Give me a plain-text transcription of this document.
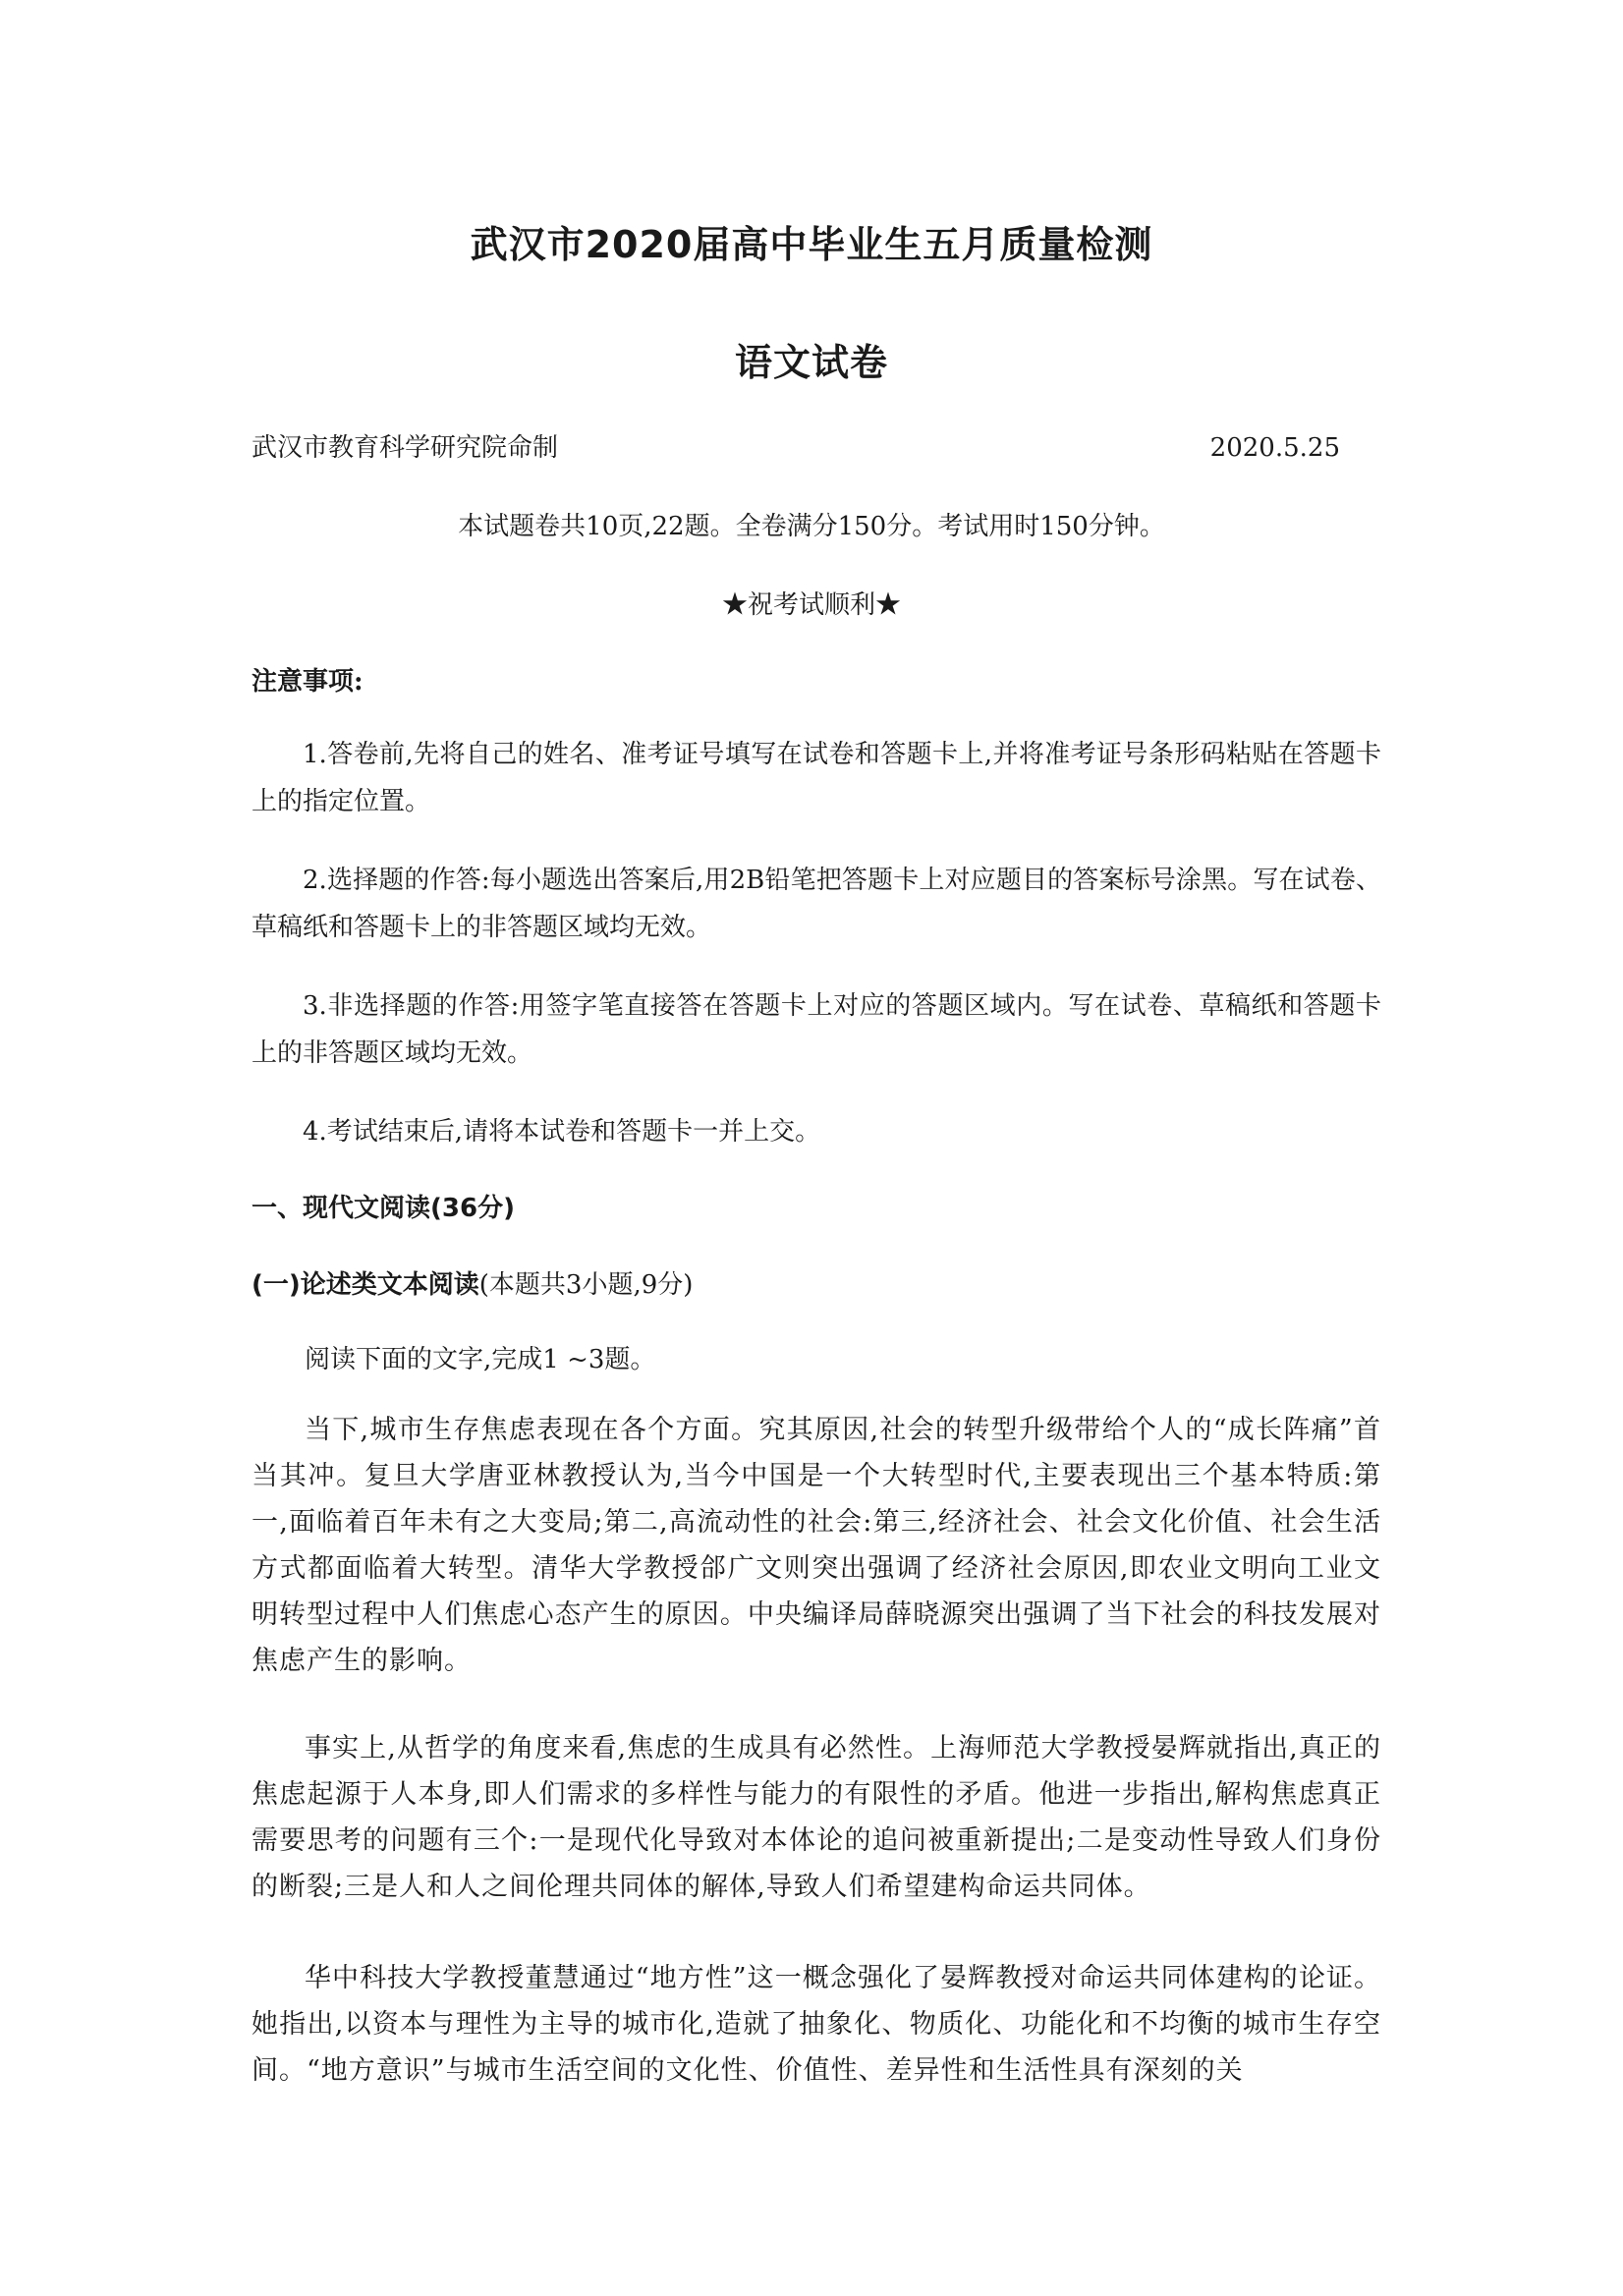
武汉市2020届高中毕业生五月质量检测
语文试卷
武汉市教育科学研究院命制	2020.5.25
本试题卷共10页,22题。全卷满分150分。考试用时150分钟。
★祝考试顺利★
注意事项:
1.答卷前,先将自己的姓名、准考证号填写在试卷和答题卡上,并将准考证号条形码粘贴在答题卡上的指定位置。
2.选择题的作答:每小题选出答案后,用2B铅笔把答题卡上对应题目的答案标号涂黑。写在试卷、草稿纸和答题卡上的非答题区域均无效。
3.非选择题的作答:用签字笔直接答在答题卡上对应的答题区域内。写在试卷、草稿纸和答题卡上的非答题区域均无效。
4.考试结束后,请将本试卷和答题卡一并上交。
一、现代文阅读(36分)
(一)论述类文本阅读(本题共3小题,9分)
阅读下面的文字,完成1 ~3题。
当下,城市生存焦虑表现在各个方面。究其原因,社会的转型升级带给个人的“成长阵痛”首当其冲。复旦大学唐亚林教授认为,当今中国是一个大转型时代,主要表现出三个基本特质:第一,面临着百年未有之大变局;第二,高流动性的社会:第三,经济社会、社会文化价值、社会生活方式都面临着大转型。清华大学教授郃广文则突出强调了经济社会原因,即农业文明向工业文明转型过程中人们焦虑心态产生的原因。中央编译局薛晓源突出强调了当下社会的科技发展对焦虑产生的影响。
事实上,从哲学的角度来看,焦虑的生成具有必然性。上海师范大学教授晏辉就指出,真正的焦虑起源于人本身,即人们需求的多样性与能力的有限性的矛盾。他进一步指出,解构焦虑真正需要思考的问题有三个:一是现代化导致对本体论的追问被重新提出;二是变动性导致人们身份的断裂;三是人和人之间伦理共同体的解体,导致人们希望建构命运共同体。
华中科技大学教授董慧通过“地方性”这一概念强化了晏辉教授对命运共同体建构的论证。她指出,以资本与理性为主导的城市化,造就了抽象化、物质化、功能化和不均衡的城市生存空间。“地方意识”与城市生活空间的文化性、价值性、差异性和生活性具有深刻的关
